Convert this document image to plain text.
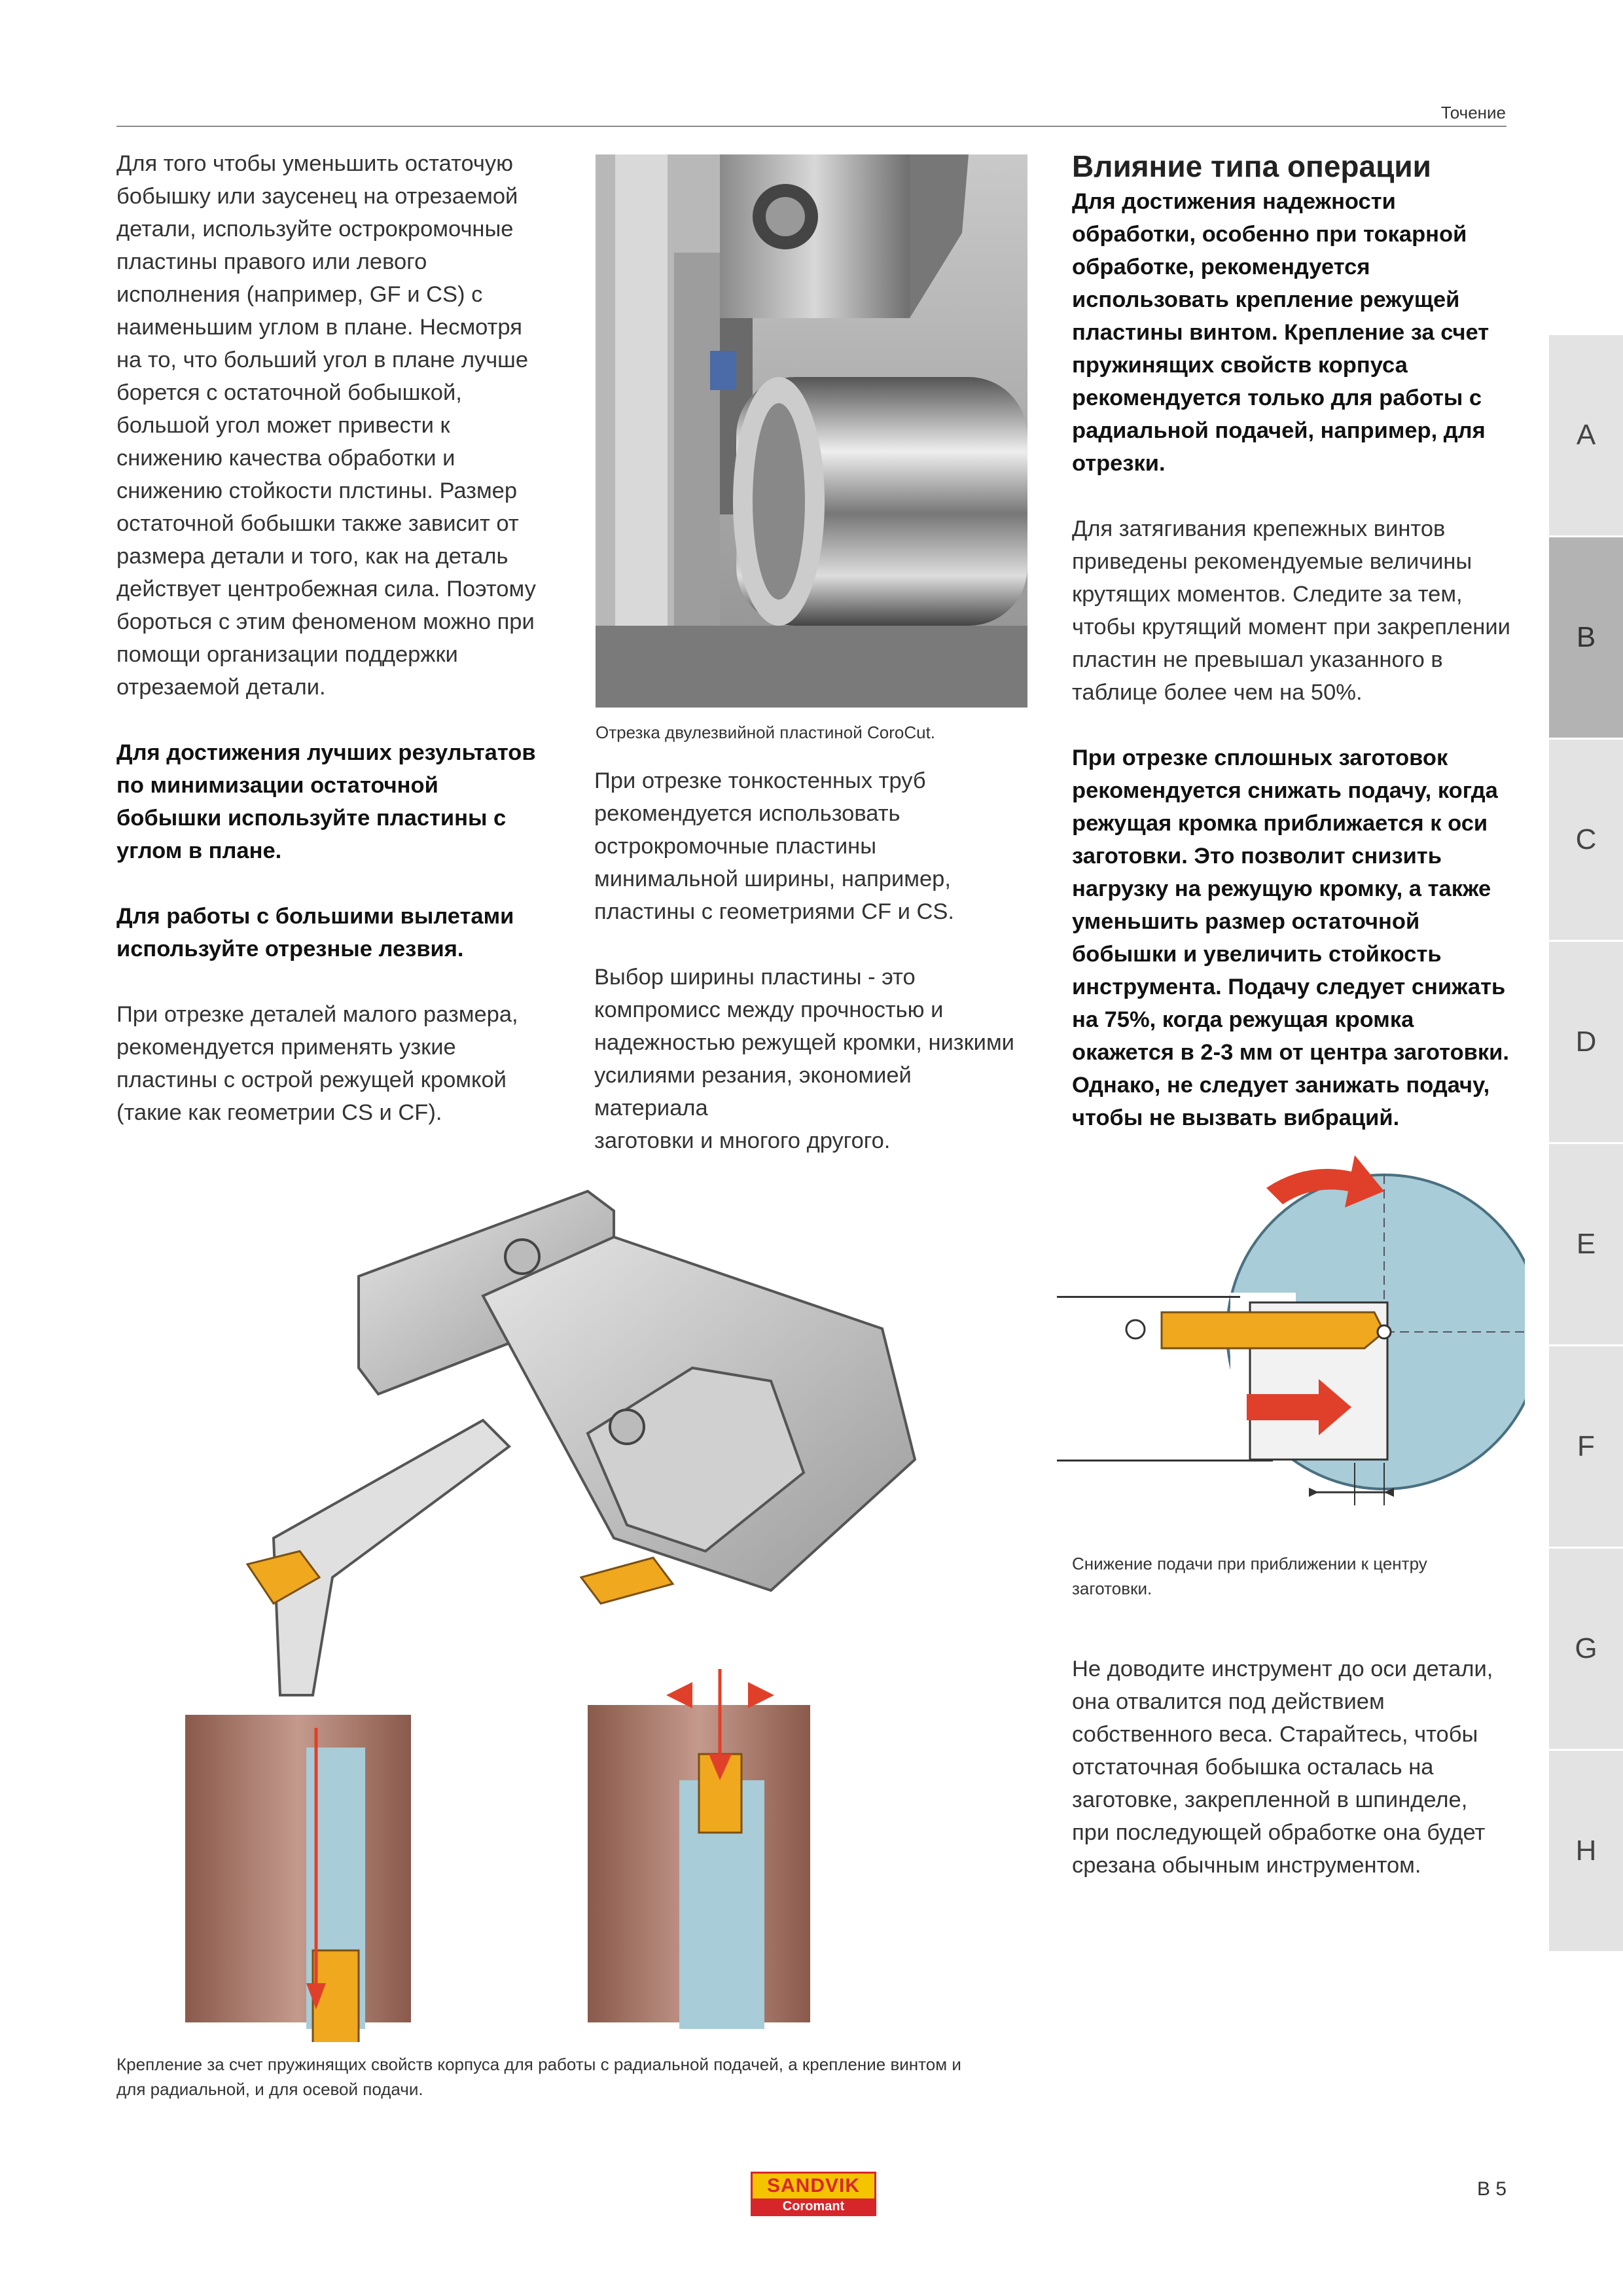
Точение

Для того чтобы уменьшить остаточую
бобышку или заусенец на отрезаемой
детали, используйте острокромочные
пластины правого или левого
исполнения (например, GF и CS) с
наименьшим углом в плане. Несмотря
на то, что больший угол в плане лучше
борется с остаточной бобышкой,
большой угол может привести к
снижению качества обработки и
снижению стойкости плстины. Размер
остаточной бобышки также зависит от
размера детали и того, как на деталь
действует центробежная сила. Поэтому
бороться с этим феноменом можно при
помощи организации поддержки
отрезаемой детали.

Для достижения лучших результатов
по минимизации остаточной
бобышки используйте пластины с
углом в плане.

Для работы с большими вылетами
используйте отрезные лезвия.

При отрезке деталей малого размера,
рекомендуется применять узкие
пластины с острой режущей кромкой
(такие как геометрии CS и CF).

Отрезка двулезвийной пластиной CoroCut.

При отрезке тонкостенных труб
рекомендуется использовать
острокромочные пластины
минимальной ширины, например,
пластины с геометриями CF и CS.

Выбор ширины пластины - это
компромисс между прочностью и
надежностью режущей кромки, низкими
усилиями резания, экономией материала
заготовки и многого другого.

Влияние типа операции

Для достижения надежности
обработки, особенно при токарной
обработке, рекомендуется
использовать крепление режущей
пластины винтом. Крепление за счет
пружинящих свойств корпуса
рекомендуется только для работы с
радиальной подачей, например, для
отрезки.

Для затягивания крепежных винтов
приведены рекомендуемые величины
крутящих моментов. Следите за тем,
чтобы крутящий момент при закреплении
пластин не превышал указанного в
таблице более чем на 50%.

При отрезке сплошных заготовок
рекомендуется снижать подачу, когда
режущая кромка приближается к оси
заготовки. Это позволит снизить
нагрузку на режущую кромку, а также
уменьшить размер остаточной
бобышки и увеличить стойкость
инструмента. Подачу следует снижать
на 75%, когда режущая кромка
окажется в 2-3 мм от центра заготовки.
Однако, не следует занижать подачу,
чтобы не вызвать вибраций.

Снижение подачи при приближении к центру
заготовки.

Не доводите инструмент до оси детали,
она отвалится под действием
собственного веса. Старайтесь, чтобы
отстаточная бобышка осталась на
заготовке, закрепленной в шпинделе,
при последующей обработке она будет
срезана обычным инструментом.

Крепление за счет пружинящих свойств корпуса для работы с радиальной подачей, а крепление винтом и
для радиальной, и для осевой подачи.
A
B
C
D
E
F
G
H
SANDVIK
Coromant
B 5
